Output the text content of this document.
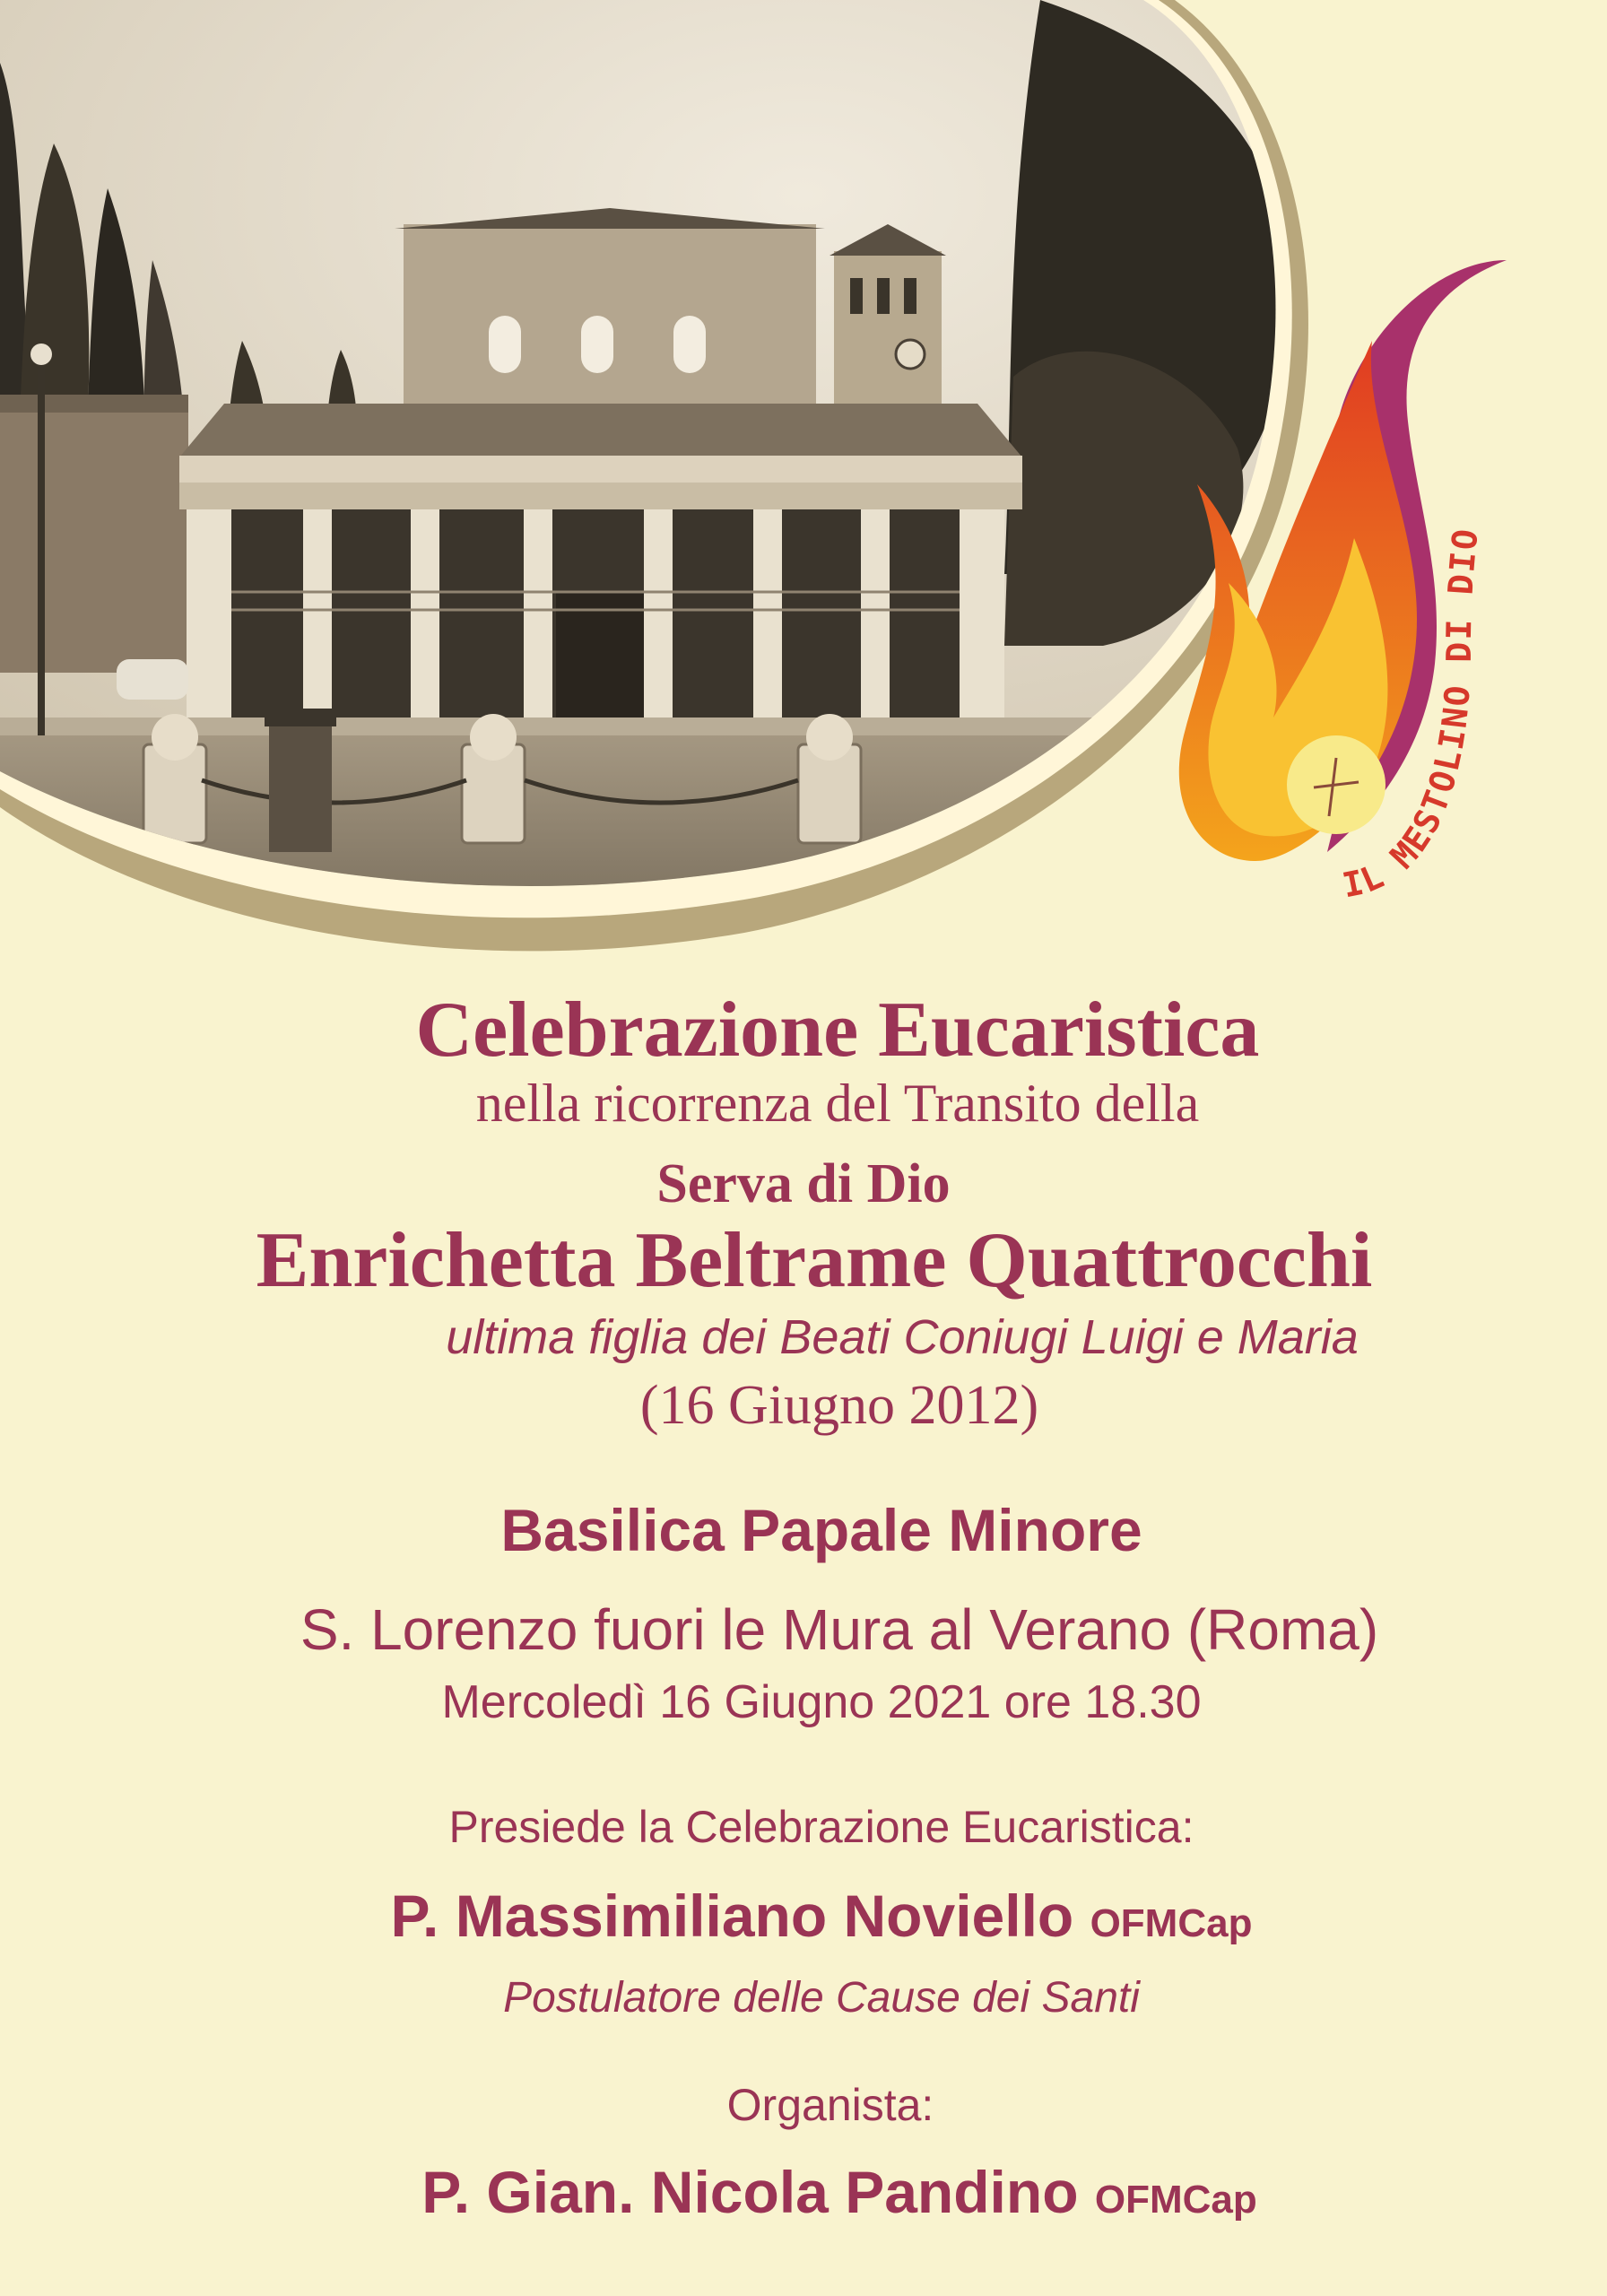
IL MESTOLINO DI DIO
Celebrazione Eucaristica
nella ricorrenza del Transito della
Serva di Dio
Enrichetta Beltrame Quattrocchi
ultima figlia dei Beati Coniugi Luigi e Maria
(16 Giugno 2012)
Basilica Papale Minore
S. Lorenzo fuori le Mura al Verano (Roma)
Mercoledì 16 Giugno 2021 ore 18.30
Presiede la Celebrazione Eucaristica:
P. Massimiliano Noviello OFMCap
Postulatore delle Cause dei Santi
Organista:
P. Gian. Nicola Pandino OFMCap
